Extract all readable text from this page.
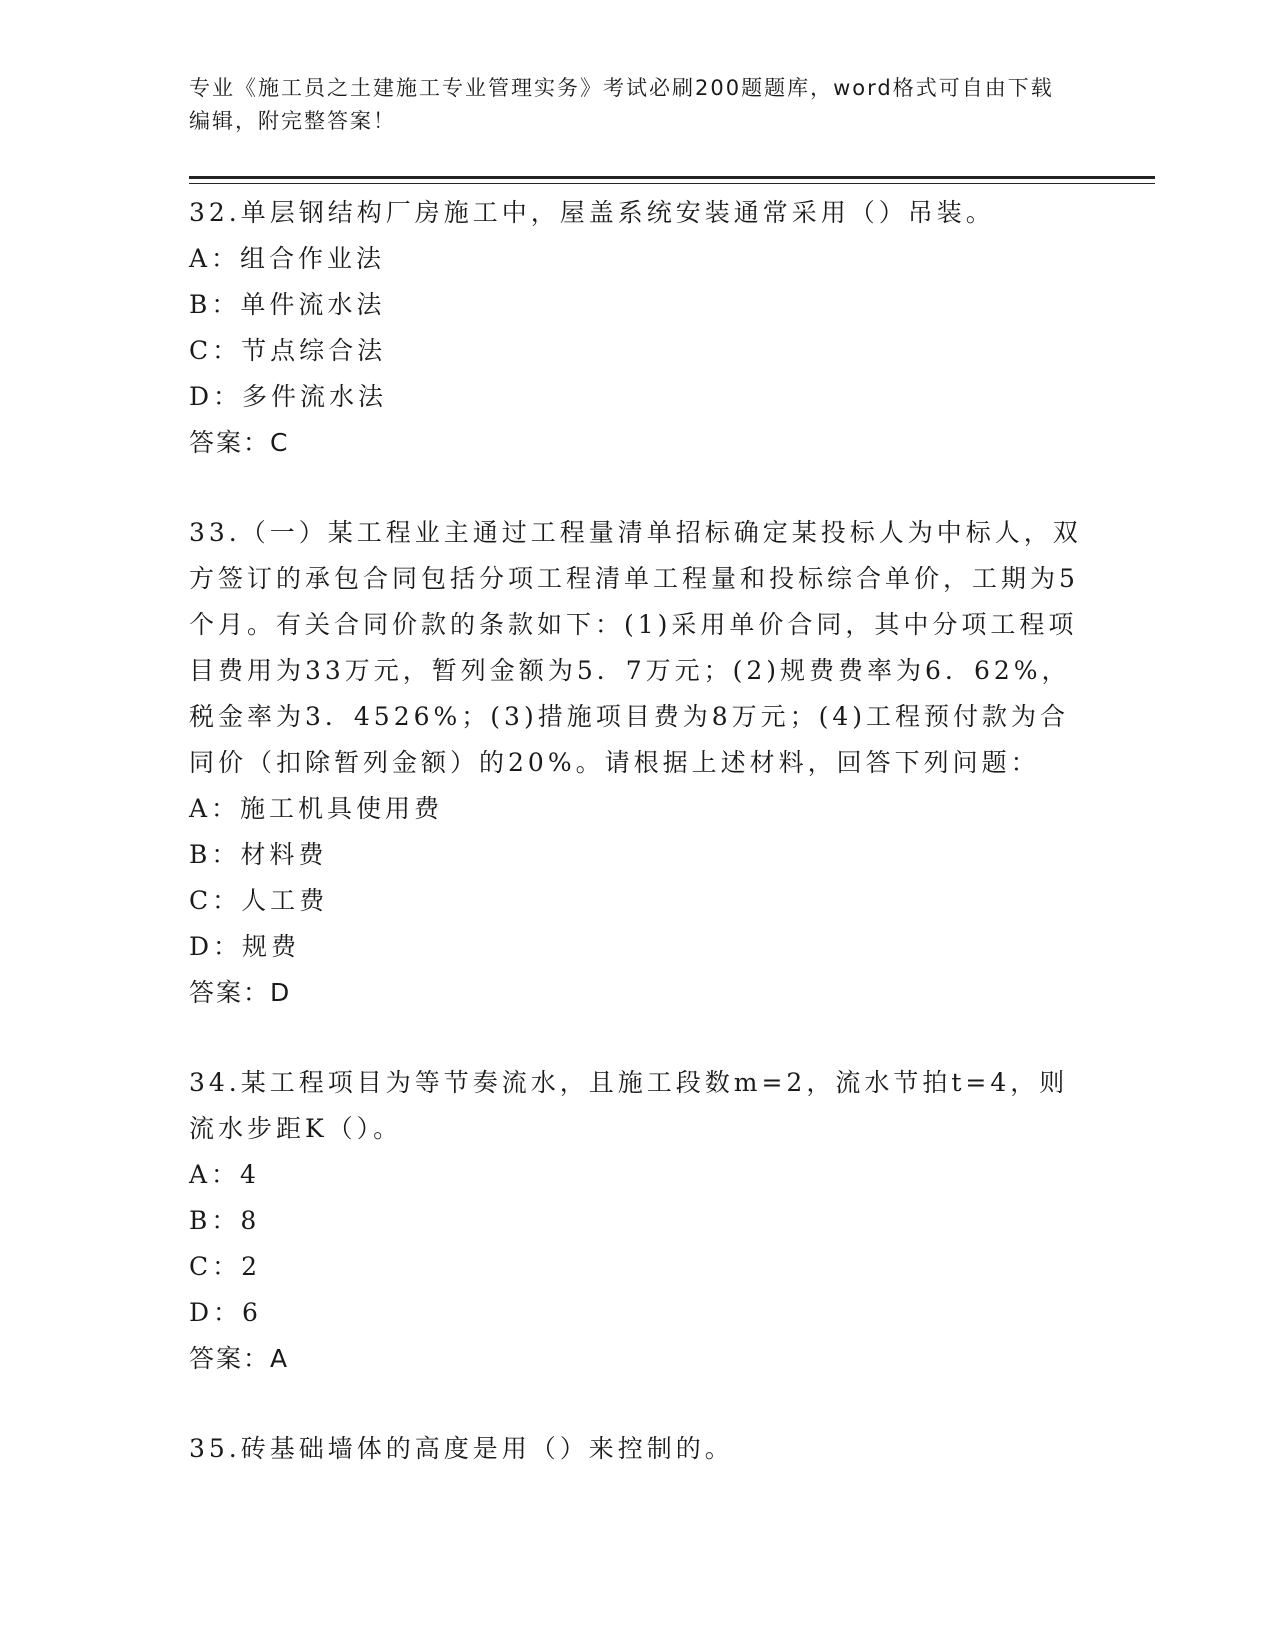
专业《施工员之土建施工专业管理实务》考试必刷200题题库，word格式可自由下载编辑，附完整答案！
32.单层钢结构厂房施工中，屋盖系统安装通常采用（）吊装。
A：组合作业法
B：单件流水法
C：节点综合法
D：多件流水法
答案：C
33.（一）某工程业主通过工程量清单招标确定某投标人为中标人，双方签订的承包合同包括分项工程清单工程量和投标综合单价，工期为5个月。有关合同价款的条款如下：(1)采用单价合同，其中分项工程项目费用为33万元，暂列金额为5．7万元；(2)规费费率为6．62%，税金率为3．4526%；(3)措施项目费为8万元；(4)工程预付款为合同价（扣除暂列金额）的20%。请根据上述材料，回答下列问题：
A：施工机具使用费
B：材料费
C：人工费
D：规费
答案：D
34.某工程项目为等节奏流水，且施工段数m=2，流水节拍t=4，则流水步距K（）。
A：4
B：8
C：2
D：6
答案：A
35.砖基础墙体的高度是用（）来控制的。
